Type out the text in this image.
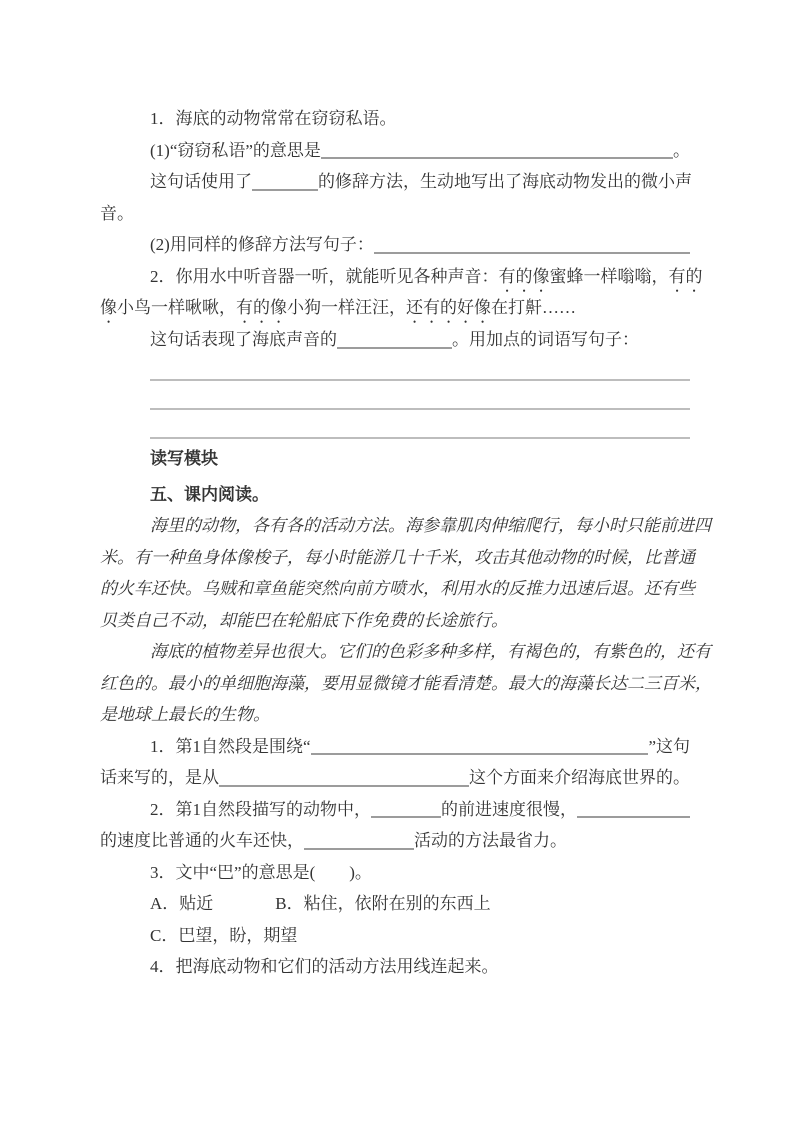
1．海底的动物常常在窃窃私语。
(1)“窃窃私语”的意思是	。
这句话使用了	的修辞方法，生动地写出了海底动物发出的微小声
音。
(2)用同样的修辞方法写句子：
2．你用水中听音器一听，就能听见各种声音：有的像蜜蜂一样嗡嗡，有的
像小鸟一样啾啾，有的像小狗一样汪汪，还有的好像在打鼾……
这句话表现了海底声音的	。用加点的词语写句子：
读写模块
五、课内阅读。
海里的动物，各有各的活动方法。海参靠肌肉伸缩爬行，每小时只能前进四
米。有一种鱼身体像梭子，每小时能游几十千米，攻击其他动物的时候，比普通
的火车还快。乌贼和章鱼能突然向前方喷水，利用水的反推力迅速后退。还有些
贝类自己不动，却能巴在轮船底下作免费的长途旅行。
海底的植物差异也很大。它们的色彩多种多样，有褐色的，有紫色的，还有
红色的。最小的单细胞海藻，要用显微镜才能看清楚。最大的海藻长达二三百米，
是地球上最长的生物。
1．第1自然段是围绕“	”这句
话来写的，是从	这个方面来介绍海底世界的。
2．第1自然段描写的动物中，	的前进速度很慢，
的速度比普通的火车还快，	活动的方法最省力。
3．文中“巴”的意思是(　　)。
A．贴近	B．粘住，依附在别的东西上
C．巴望，盼，期望
4．把海底动物和它们的活动方法用线连起来。
